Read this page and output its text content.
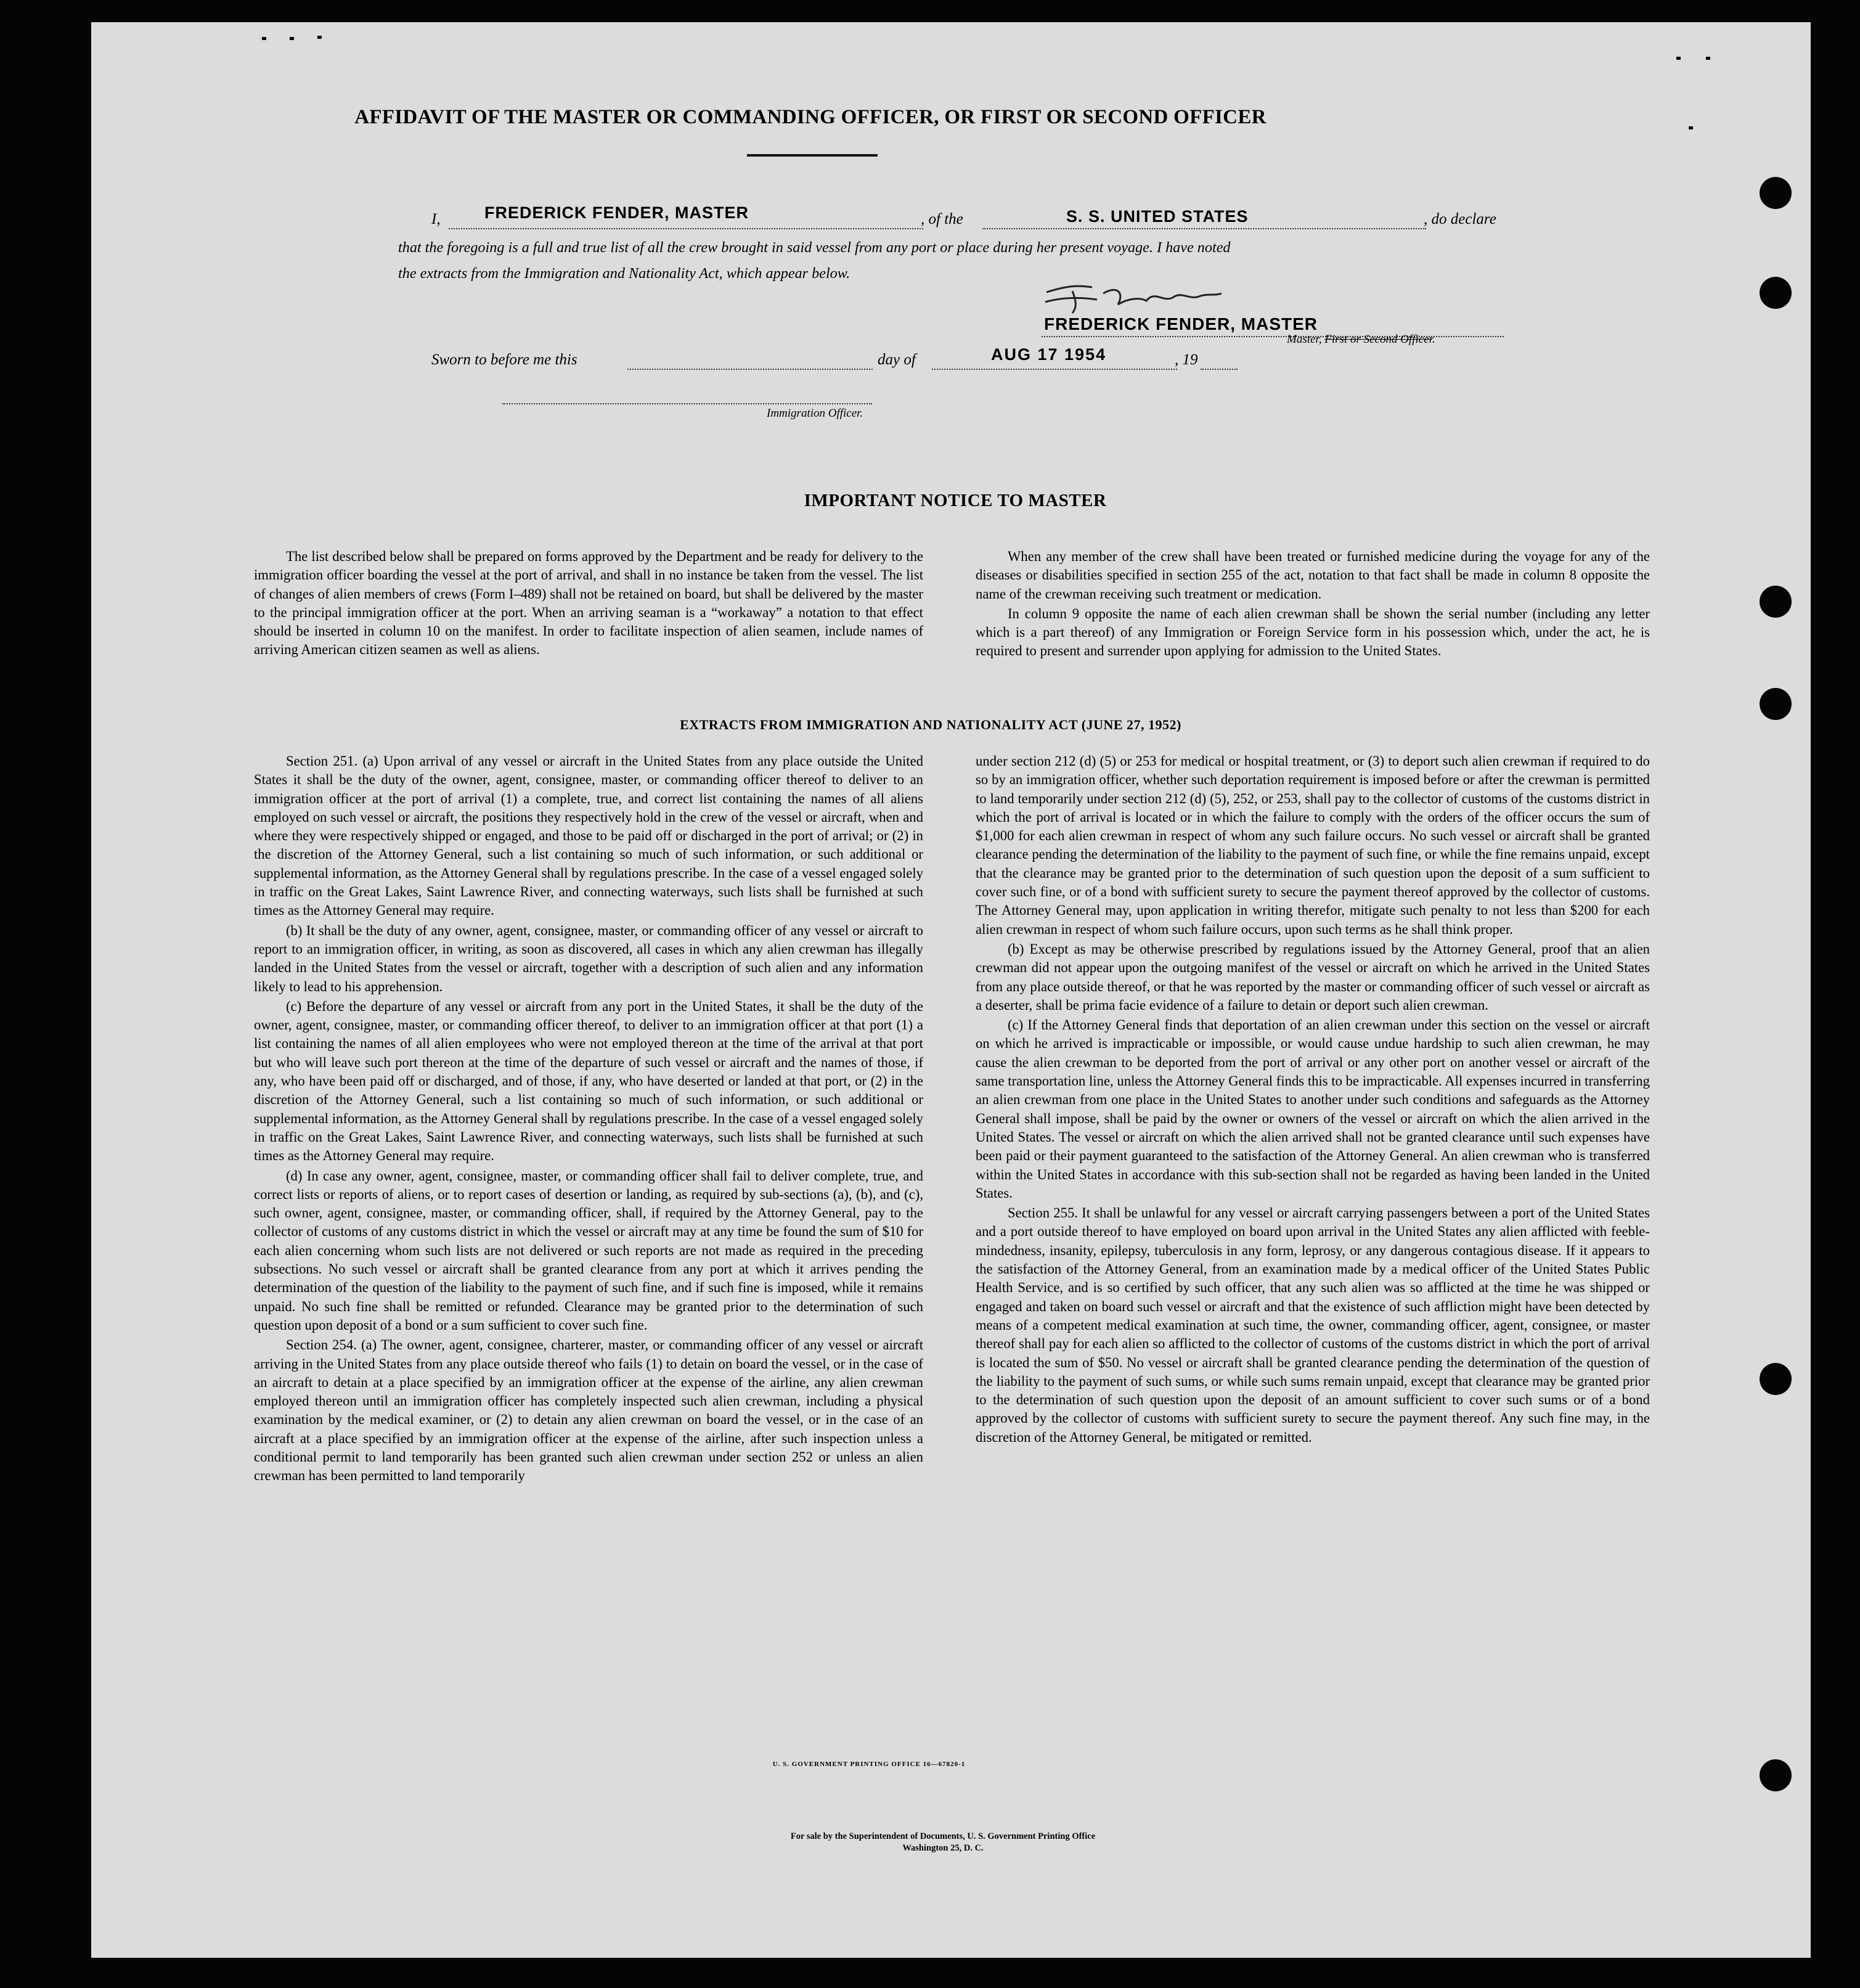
AFFIDAVIT OF THE MASTER OR COMMANDING OFFICER, OR FIRST OR SECOND OFFICER
I,	FREDERICK FENDER, MASTER	, of the	S. S. UNITED STATES	, do declare
that the foregoing is a full and true list of all the crew brought in said vessel from any port or place during her present voyage. I have noted
the extracts from the Immigration and Nationality Act, which appear below.
FREDERICK FENDER, MASTER
Master, First or Second Officer.
Sworn to before me this	day of	AUG 17 1954	, 19
Immigration Officer.
IMPORTANT NOTICE TO MASTER

The list described below shall be prepared on forms approved by the Department and be ready for delivery to the immigration officer boarding the vessel at the port of arrival, and shall in no instance be taken from the vessel. The list of changes of alien members of crews (Form I–489) shall not be retained on board, but shall be delivered by the master to the principal immigration officer at the port. When an arriving seaman is a “workaway” a notation to that effect should be inserted in column 10 on the manifest. In order to facilitate inspection of alien seamen, include names of arriving American citizen seamen as well as aliens.

When any member of the crew shall have been treated or furnished medicine during the voyage for any of the diseases or disabilities specified in section 255 of the act, notation to that fact shall be made in column 8 opposite the name of the crewman receiving such treatment or medication.

In column 9 opposite the name of each alien crewman shall be shown the serial number (including any letter which is a part thereof) of any Immigration or Foreign Service form in his possession which, under the act, he is required to present and surrender upon applying for admission to the United States.

EXTRACTS FROM IMMIGRATION AND NATIONALITY ACT (JUNE 27, 1952)

Section 251. (a) Upon arrival of any vessel or aircraft in the United States from any place outside the United States it shall be the duty of the owner, agent, consignee, master, or commanding officer thereof to deliver to an immigration officer at the port of arrival (1) a complete, true, and correct list containing the names of all aliens employed on such vessel or aircraft, the positions they respectively hold in the crew of the vessel or aircraft, when and where they were respectively shipped or engaged, and those to be paid off or discharged in the port of arrival; or (2) in the discretion of the Attorney General, such a list containing so much of such information, or such additional or supplemental information, as the Attorney General shall by regulations prescribe. In the case of a vessel engaged solely in traffic on the Great Lakes, Saint Lawrence River, and connecting waterways, such lists shall be furnished at such times as the Attorney General may require.

(b) It shall be the duty of any owner, agent, consignee, master, or commanding officer of any vessel or aircraft to report to an immigration officer, in writing, as soon as discovered, all cases in which any alien crewman has illegally landed in the United States from the vessel or aircraft, together with a description of such alien and any information likely to lead to his apprehension.

(c) Before the departure of any vessel or aircraft from any port in the United States, it shall be the duty of the owner, agent, consignee, master, or commanding officer thereof, to deliver to an immigration officer at that port (1) a list containing the names of all alien employees who were not employed thereon at the time of the arrival at that port but who will leave such port thereon at the time of the departure of such vessel or aircraft and the names of those, if any, who have been paid off or discharged, and of those, if any, who have deserted or landed at that port, or (2) in the discretion of the Attorney General, such a list containing so much of such information, or such additional or supplemental information, as the Attorney General shall by regulations prescribe. In the case of a vessel engaged solely in traffic on the Great Lakes, Saint Lawrence River, and connecting waterways, such lists shall be furnished at such times as the Attorney General may require.

(d) In case any owner, agent, consignee, master, or commanding officer shall fail to deliver complete, true, and correct lists or reports of aliens, or to report cases of desertion or landing, as required by sub-sections (a), (b), and (c), such owner, agent, consignee, master, or commanding officer, shall, if required by the Attorney General, pay to the collector of customs of any customs district in which the vessel or aircraft may at any time be found the sum of $10 for each alien concerning whom such lists are not delivered or such reports are not made as required in the preceding subsections. No such vessel or aircraft shall be granted clearance from any port at which it arrives pending the determination of the question of the liability to the payment of such fine, and if such fine is imposed, while it remains unpaid. No such fine shall be remitted or refunded. Clearance may be granted prior to the determination of such question upon deposit of a bond or a sum sufficient to cover such fine.

Section 254. (a) The owner, agent, consignee, charterer, master, or commanding officer of any vessel or aircraft arriving in the United States from any place outside thereof who fails (1) to detain on board the vessel, or in the case of an aircraft to detain at a place specified by an immigration officer at the expense of the airline, any alien crewman employed thereon until an immigration officer has completely inspected such alien crewman, including a physical examination by the medical examiner, or (2) to detain any alien crewman on board the vessel, or in the case of an aircraft at a place specified by an immigration officer at the expense of the airline, after such inspection unless a conditional permit to land temporarily has been granted such alien crewman under section 252 or unless an alien crewman has been permitted to land temporarily

under section 212 (d) (5) or 253 for medical or hospital treatment, or (3) to deport such alien crewman if required to do so by an immigration officer, whether such deportation requirement is imposed before or after the crewman is permitted to land temporarily under section 212 (d) (5), 252, or 253, shall pay to the collector of customs of the customs district in which the port of arrival is located or in which the failure to comply with the orders of the officer occurs the sum of $1,000 for each alien crewman in respect of whom any such failure occurs. No such vessel or aircraft shall be granted clearance pending the determination of the liability to the payment of such fine, or while the fine remains unpaid, except that the clearance may be granted prior to the determination of such question upon the deposit of a sum sufficient to cover such fine, or of a bond with sufficient surety to secure the payment thereof approved by the collector of customs. The Attorney General may, upon application in writing therefor, mitigate such penalty to not less than $200 for each alien crewman in respect of whom such failure occurs, upon such terms as he shall think proper.

(b) Except as may be otherwise prescribed by regulations issued by the Attorney General, proof that an alien crewman did not appear upon the outgoing manifest of the vessel or aircraft on which he arrived in the United States from any place outside thereof, or that he was reported by the master or commanding officer of such vessel or aircraft as a deserter, shall be prima facie evidence of a failure to detain or deport such alien crewman.

(c) If the Attorney General finds that deportation of an alien crewman under this section on the vessel or aircraft on which he arrived is impracticable or impossible, or would cause undue hardship to such alien crewman, he may cause the alien crewman to be deported from the port of arrival or any other port on another vessel or aircraft of the same transportation line, unless the Attorney General finds this to be impracticable. All expenses incurred in transferring an alien crewman from one place in the United States to another under such conditions and safeguards as the Attorney General shall impose, shall be paid by the owner or owners of the vessel or aircraft on which the alien arrived in the United States. The vessel or aircraft on which the alien arrived shall not be granted clearance until such expenses have been paid or their payment guaranteed to the satisfaction of the Attorney General. An alien crewman who is transferred within the United States in accordance with this sub-section shall not be regarded as having been landed in the United States.

Section 255. It shall be unlawful for any vessel or aircraft carrying passengers between a port of the United States and a port outside thereof to have employed on board upon arrival in the United States any alien afflicted with feeble-mindedness, insanity, epilepsy, tuberculosis in any form, leprosy, or any dangerous contagious disease. If it appears to the satisfaction of the Attorney General, from an examination made by a medical officer of the United States Public Health Service, and is so certified by such officer, that any such alien was so afflicted at the time he was shipped or engaged and taken on board such vessel or aircraft and that the existence of such affliction might have been detected by means of a competent medical examination at such time, the owner, commanding officer, agent, consignee, or master thereof shall pay for each alien so afflicted to the collector of customs of the customs district in which the port of arrival is located the sum of $50. No vessel or aircraft shall be granted clearance pending the determination of the question of the liability to the payment of such sums, or while such sums remain unpaid, except that clearance may be granted prior to the determination of such question upon the deposit of an amount sufficient to cover such sums or of a bond approved by the collector of customs with sufficient surety to secure the payment thereof. Any such fine may, in the discretion of the Attorney General, be mitigated or remitted.

U. S. GOVERNMENT PRINTING OFFICE 16—67820-1
For sale by the Superintendent of Documents, U. S. Government Printing Office
Washington 25, D. C.
